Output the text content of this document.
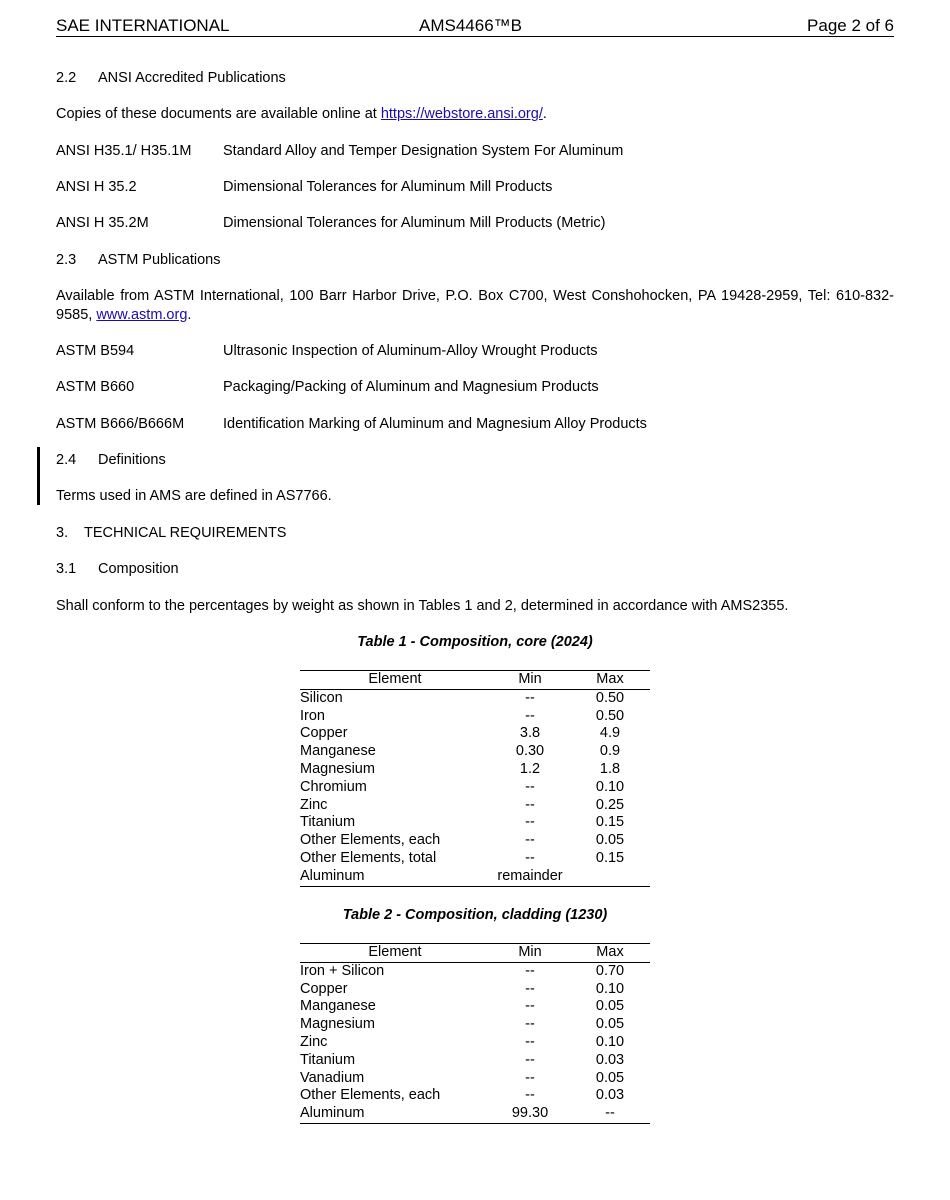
SAE INTERNATIONAL	AMS4466™B	Page 2 of 6
2.2 ANSI Accredited Publications
Copies of these documents are available online at https://webstore.ansi.org/.
ANSI H35.1/ H35.1M Standard Alloy and Temper Designation System For Aluminum
ANSI H 35.2	Dimensional Tolerances for Aluminum Mill Products
ANSI H 35.2M	Dimensional Tolerances for Aluminum Mill Products (Metric)
2.3 ASTM Publications
Available from ASTM International, 100 Barr Harbor Drive, P.O. Box C700, West Conshohocken, PA 19428-2959, Tel: 610-832-9585, www.astm.org.
ASTM B594	Ultrasonic Inspection of Aluminum-Alloy Wrought Products
ASTM B660	Packaging/Packing of Aluminum and Magnesium Products
ASTM B666/B666M	Identification Marking of Aluminum and Magnesium Alloy Products
2.4 Definitions
Terms used in AMS are defined in AS7766.
3. TECHNICAL REQUIREMENTS
3.1 Composition
Shall conform to the percentages by weight as shown in Tables 1 and 2, determined in accordance with AMS2355.
Table 1 - Composition, core (2024)
Element	Min	Max
Silicon	--	0.50
Iron	--	0.50
Copper	3.8	4.9
Manganese	0.30	0.9
Magnesium	1.2	1.8
Chromium	--	0.10
Zinc	--	0.25
Titanium	--	0.15
Other Elements, each	--	0.05
Other Elements, total	--	0.15
Aluminum	remainder	
Table 2 - Composition, cladding (1230)
Element	Min	Max
Iron + Silicon	--	0.70
Copper	--	0.10
Manganese	--	0.05
Magnesium	--	0.05
Zinc	--	0.10
Titanium	--	0.03
Vanadium	--	0.05
Other Elements, each	--	0.03
Aluminum	99.30	--
